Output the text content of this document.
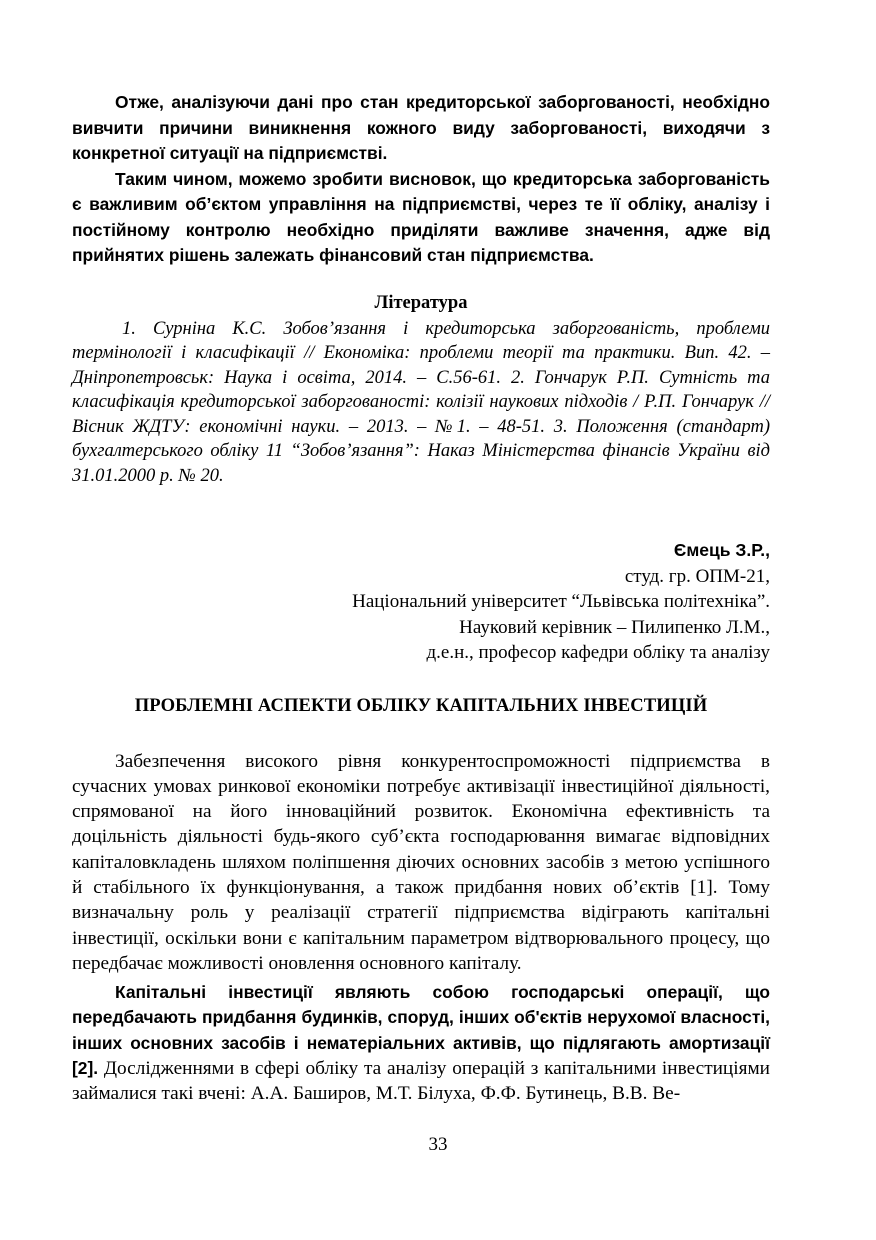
Отже, аналізуючи дані про стан кредиторської заборгованості, необхідно вивчити причини виникнення кожного виду заборгованості, виходячи з конкретної ситуації на підприємстві.

Таким чином, можемо зробити висновок, що кредиторська заборгованість є важливим об’єктом управління на підприємстві, через те її обліку, аналізу і постійному контролю необхідно приділяти важливе значення, адже від прийнятих рішень залежать фінансовий стан підприємства.

Література
1. Сурніна К.С. Зобов’язання і кредиторська заборгованість, проблеми термінології і класифікації // Економіка: проблеми теорії та практики. Вип. 42. – Дніпропетровськ: Наука і освіта, 2014. – С.56-61. 2. Гончарук Р.П. Сутність та класифікація кредиторської заборгованості: колізії наукових підходів / Р.П. Гончарук // Вісник ЖДТУ: економічні науки. – 2013. – №1. – 48-51. 3. Положення (стандарт) бухгалтерського обліку 11 “Зобов’язання”: Наказ Міністерства фінансів України від 31.01.2000 р. № 20.
Ємець З.Р.,
студ. гр. ОПМ-21,
Національний університет “Львівська політехніка”.
Науковий керівник – Пилипенко Л.М.,
д.е.н., професор кафедри обліку та аналізу
ПРОБЛЕМНІ АСПЕКТИ ОБЛІКУ КАПІТАЛЬНИХ ІНВЕСТИЦІЙ

Забезпечення високого рівня конкурентоспроможності підприємства в сучасних умовах ринкової економіки потребує активізації інвестиційної діяльності, спрямованої на його інноваційний розвиток. Економічна ефективність та доцільність діяльності будь-якого суб’єкта господарювання вимагає відповідних капіталовкладень шляхом поліпшення діючих основних засобів з метою успішного й стабільного їх функціонування, а також придбання нових об’єктів [1]. Тому визначальну роль у реалізації стратегії підприємства відіграють капітальні інвестиції, оскільки вони є капітальним параметром відтворювального процесу, що передбачає можливості оновлення основного капіталу.

Капітальні інвестиції являють собою господарські операції, що передбачають придбання будинків, споруд, інших об'єктів нерухомої власності, інших основних засобів і нематеріальних активів, що підлягають амортизації [2]. Дослідженнями в сфері обліку та аналізу операцій з капітальними інвестиціями займалися такі вчені: А.А. Баширов, М.Т. Білуха, Ф.Ф. Бутинець, В.В. Ве-
33
